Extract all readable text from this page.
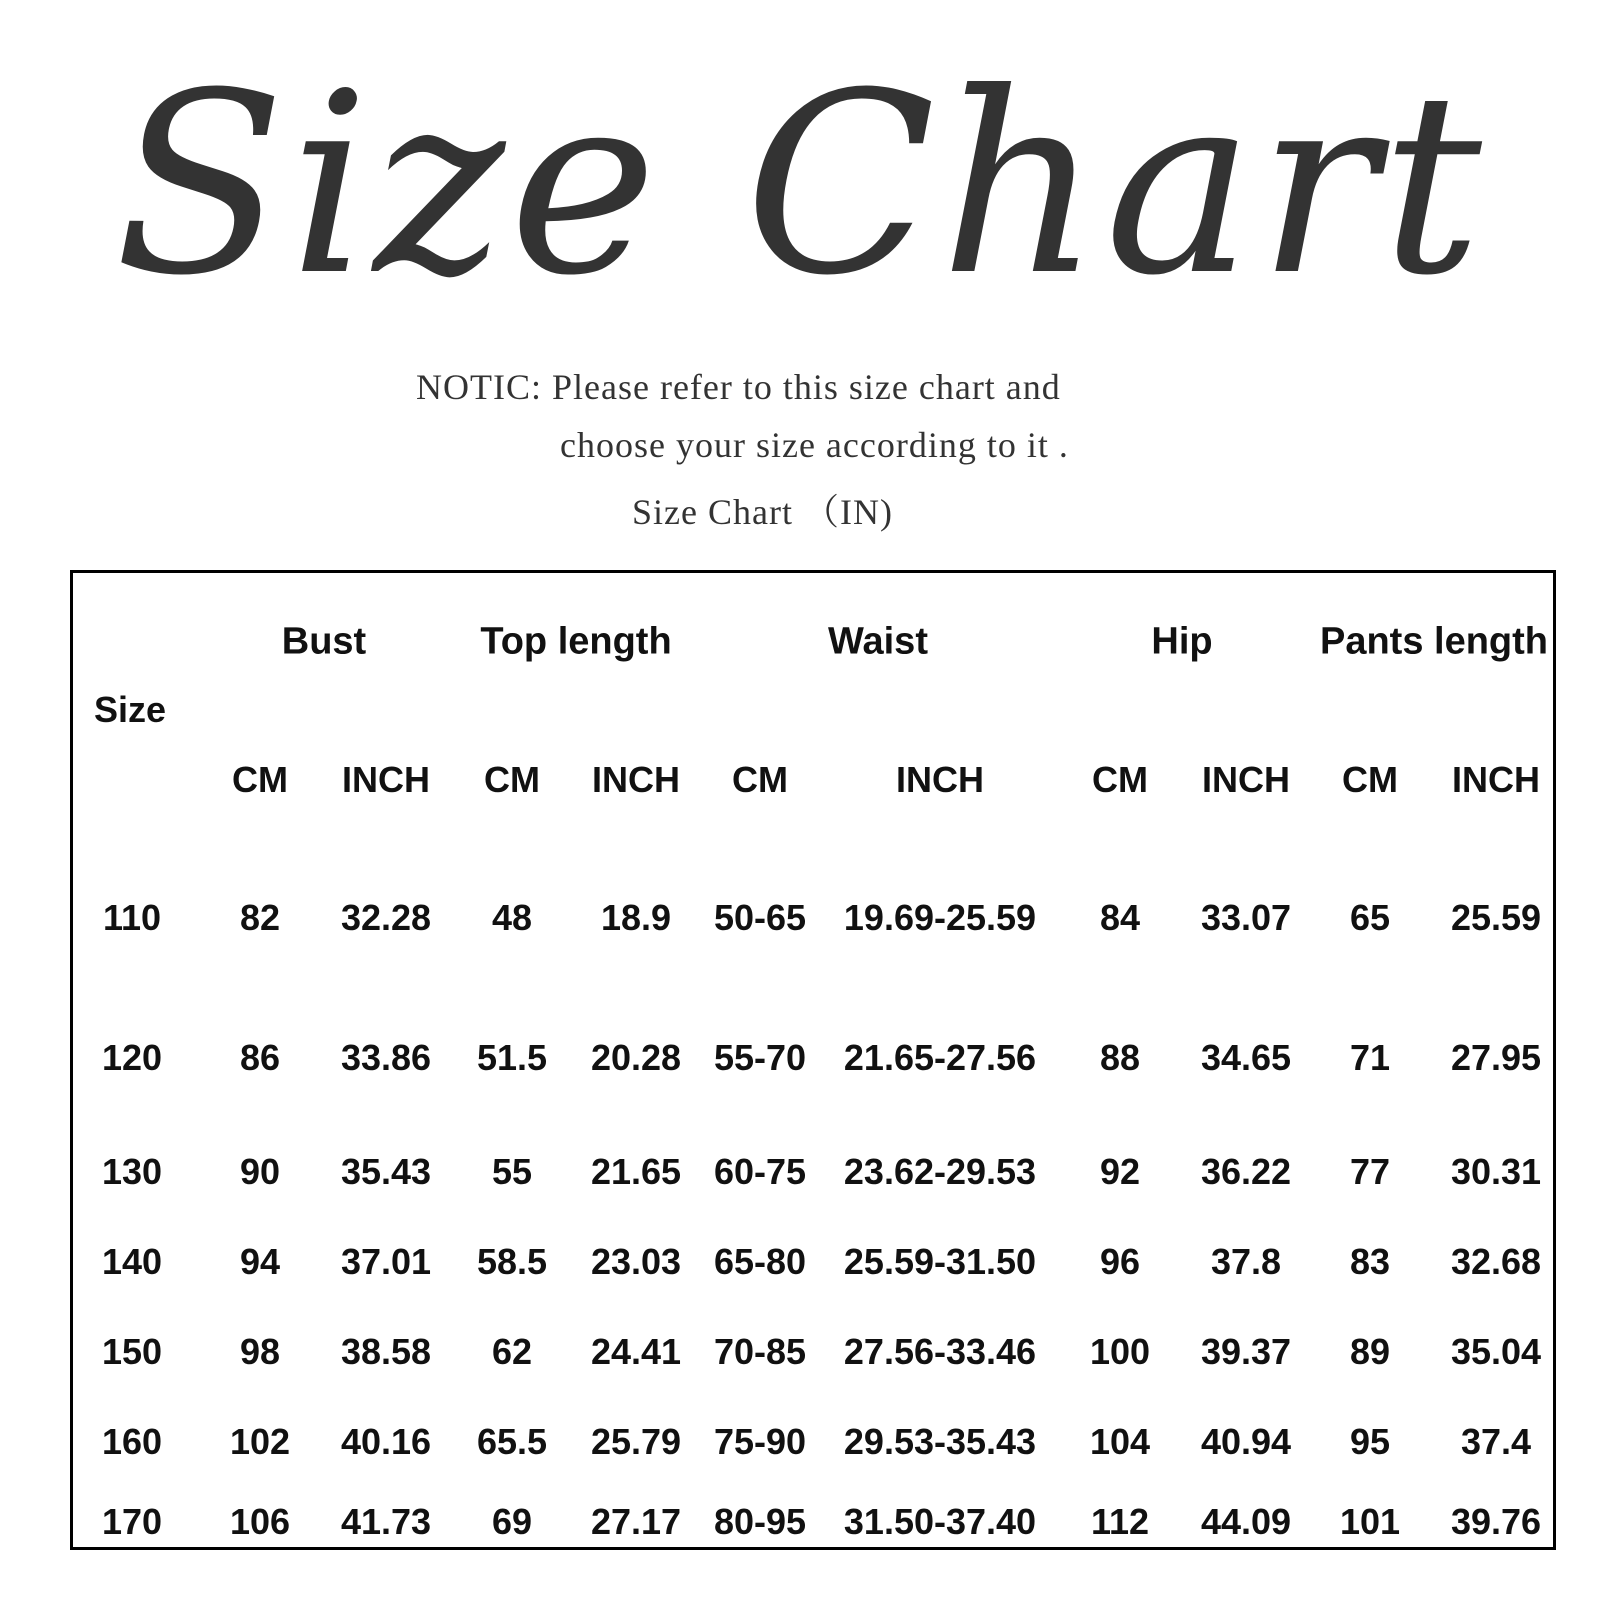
Size Chart
NOTIC: Please refer to this size chart and
choose your size according to it .
Size Chart （IN)
Size
Bust	Top length	Waist	Hip	Pants length
CM INCH CM INCH CM	INCH	CM INCH CM INCH
110 82 32.28 48 18.9 50-65 19.69-25.59 84 33.07 65 25.59
120 86 33.86 51.5 20.28 55-70 21.65-27.56 88 34.65 71 27.95
130 90 35.43 55 21.65 60-75 23.62-29.53 92 36.22 77 30.31
140 94 37.01 58.5 23.03 65-80 25.59-31.50 96 37.8 83 32.68
150 98 38.58 62 24.41 70-85 27.56-33.46 100 39.37 89 35.04
160 102 40.16 65.5 25.79 75-90 29.53-35.43 104 40.94 95 37.4
170 106 41.73 69 27.17 80-95 31.50-37.40 112 44.09 101 39.76
